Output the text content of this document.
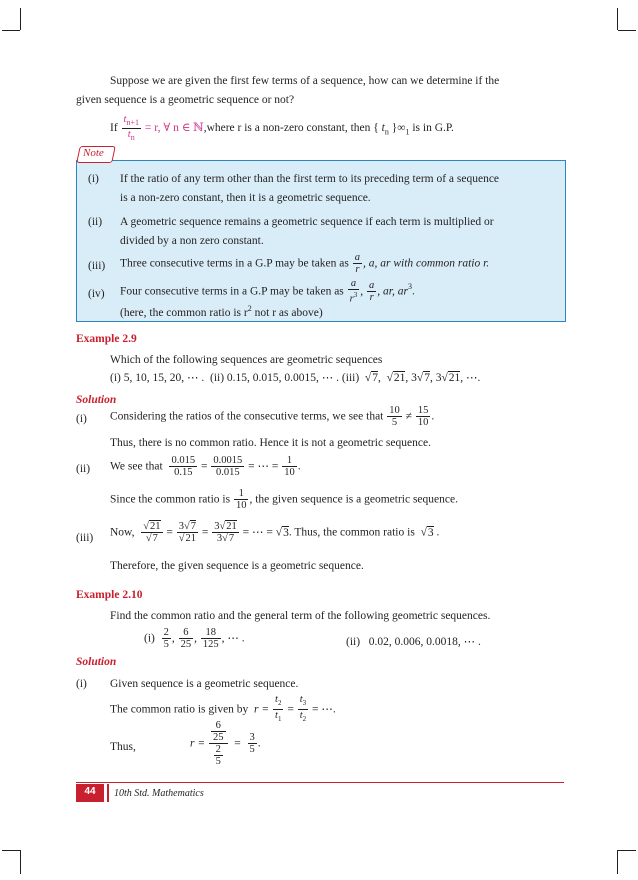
Suppose we are given the first few terms of a sequence, how can we determine if the
given sequence is a geometric sequence or not?
If $\frac{t_{n+1}}{t_n} = r$, ∀ n ∈ ℕ,where r is a non-zero constant, then { $t_n$ }$\infty_1$ is in G.P.
Note
(i) If the ratio of any term other than the first term to its preceding term of a sequence
is a non-zero constant, then it is a geometric sequence.
(ii) A geometric sequence remains a geometric sequence if each term is multiplied or
divided by a non zero constant.
(iii) Three consecutive terms in a G.P may be taken as $\frac{a}{r}$ , a, ar with common ratio r.
(iv) Four consecutive terms in a G.P may be taken as $\frac{a}{r^3}$ , $\frac{a}{r}$ , ar, $ar^3$.
(here, the common ratio is $r^2$ not r as above)
Example 2.9
Which of the following sequences are geometric sequences
(i) 5, 10, 15, 20, ⋯ . (ii) 0.15, 0.015, 0.0015, ⋯ . (iii)  √7,  √21, 3√7, 3√21, ⋯.
Solution
(i) Considering the ratios of the consecutive terms, we see that $\frac{10}{5} \ne \frac{15}{10}$ .
Thus, there is no common ratio. Hence it is not a geometric sequence.
(ii) We see that $\frac{0.015}{0.15} = \frac{0.0015}{0.015}$ = ⋯ = $\frac{1}{10}$ .
Since the common ratio is $\frac{1}{10}$ , the given sequence is a geometric sequence.
(iii) Now, $\frac{√21}{√7} = \frac{3√7}{√21} = \frac{3√21}{3√7}$ = ⋯ = √3. Thus, the common ratio is  √3 .
Therefore, the given sequence is a geometric sequence.
Example 2.10
Find the common ratio and the general term of the following geometric sequences.
$(i) \frac{2}{5}$ , $\frac{6}{25}$ , $\frac{18}{125}$ , ⋯ .	(ii) 0.02, 0.006, 0.0018, ⋯ .
Solution
(i) Given sequence is a geometric sequence.
The common ratio is given by $r = \frac{t_2}{t_1} = \frac{t_3}{t_2}$ = ⋯.
Thus,	$r = \frac{\frac{6}{25}}{\frac{2}{5}} = \frac{3}{5}$ .
44	10th Std. Mathematics
